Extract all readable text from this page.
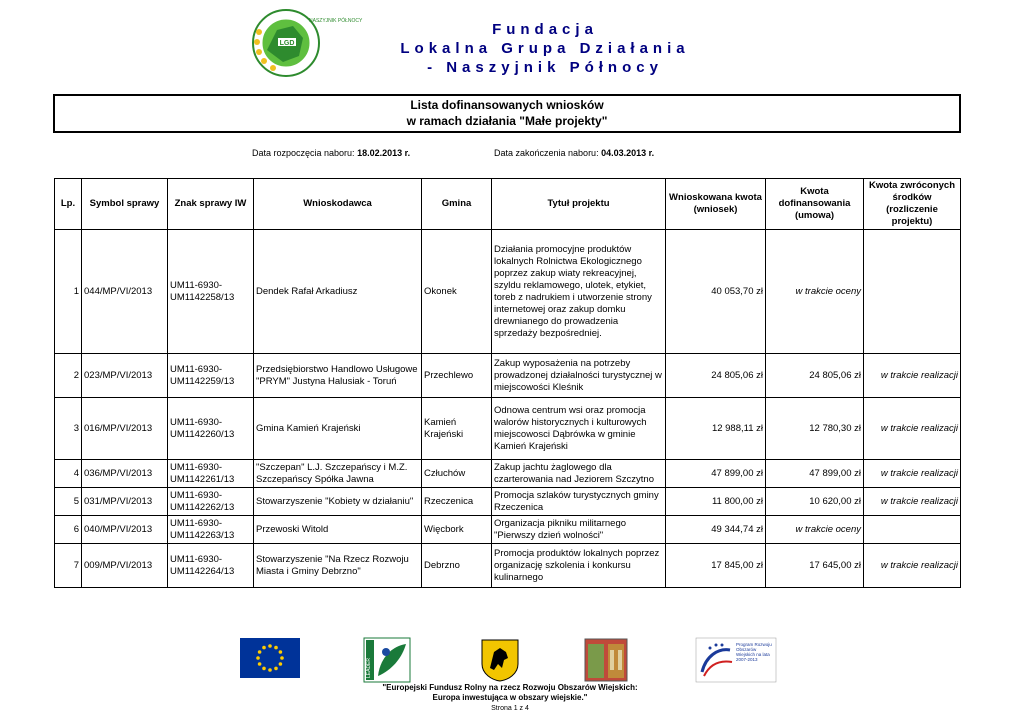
LGD
NASZYJNIK PÓŁNOCY	Fundacja
Lokalna Grupa Działania
- Naszyjnik Północy
Lista dofinansowanych wniosków
w ramach działania "Małe projekty"
Data rozpoczęcia naboru: 18.02.2013 r.	Data zakończenia naboru: 04.03.2013 r.
Lp.	Symbol sprawy	Znak sprawy IW	Wnioskodawca	Gmina	Tytuł projektu	Wnioskowana kwota (wniosek)	Kwota dofinansowania (umowa)	Kwota zwróconych środków (rozliczenie projektu)
1	044/MP/VI/2013	UM11-6930-UM1142258/13	Dendek Rafał Arkadiusz	Okonek	Działania promocyjne produktów lokalnych Rolnictwa Ekologicznego poprzez zakup wiaty rekreacyjnej, szyldu reklamowego, ulotek, etykiet, toreb z nadrukiem i utworzenie strony internetowej oraz zakup domku drewnianego do prowadzenia sprzedaży bezpośredniej.	40 053,70 zł	w trakcie oceny	
2	023/MP/VI/2013	UM11-6930-UM1142259/13	Przedsiębiorstwo Handlowo Usługowe "PRYM" Justyna Halusiak - Toruń	Przechlewo	Zakup wyposażenia na potrzeby prowadzonej działalności turystycznej w miejscowości Kleśnik	24 805,06 zł	24 805,06 zł	w trakcie realizacji
3	016/MP/VI/2013	UM11-6930-UM1142260/13	Gmina Kamień Krajeński	Kamień Krajeński	Odnowa centrum wsi oraz promocja walorów historycznych i kulturowych miejscowosci Dąbrówka w gminie Kamień Krajeński	12 988,11 zł	12 780,30 zł	w trakcie realizacji
4	036/MP/VI/2013	UM11-6930-UM1142261/13	"Szczepan" L.J. Szczepańscy i M.Z. Szczepańscy Spółka Jawna	Człuchów	Zakup jachtu żaglowego dla czarterowania nad Jeziorem Szczytno	47 899,00 zł	47 899,00 zł	w trakcie realizacji
5	031/MP/VI/2013	UM11-6930-UM1142262/13	Stowarzyszenie "Kobiety w działaniu"	Rzeczenica	Promocja szlaków turystycznych gminy Rzeczenica	11 800,00 zł	10 620,00 zł	w trakcie realizacji
6	040/MP/VI/2013	UM11-6930-UM1142263/13	Przewoski Witold	Więcbork	Organizacja pikniku militarnego "Pierwszy dzień wolności"	49 344,74 zł	w trakcie oceny	
7	009/MP/VI/2013	UM11-6930-UM1142264/13	Stowarzyszenie "Na Rzecz Rozwoju Miasta i Gminy Debrzno"	Debrzno	Promocja produktów lokalnych poprzez organizację szkolenia i konkursu kulinarnego	17 845,00 zł	17 645,00 zł	w trakcie realizacji
LEADER
Program Rozwoju Obszarów Wiejskich na lata 2007-2013
"Europejski Fundusz Rolny na rzecz Rozwoju Obszarów Wiejskich:
Europa inwestująca w obszary wiejskie."
Strona 1 z 4
